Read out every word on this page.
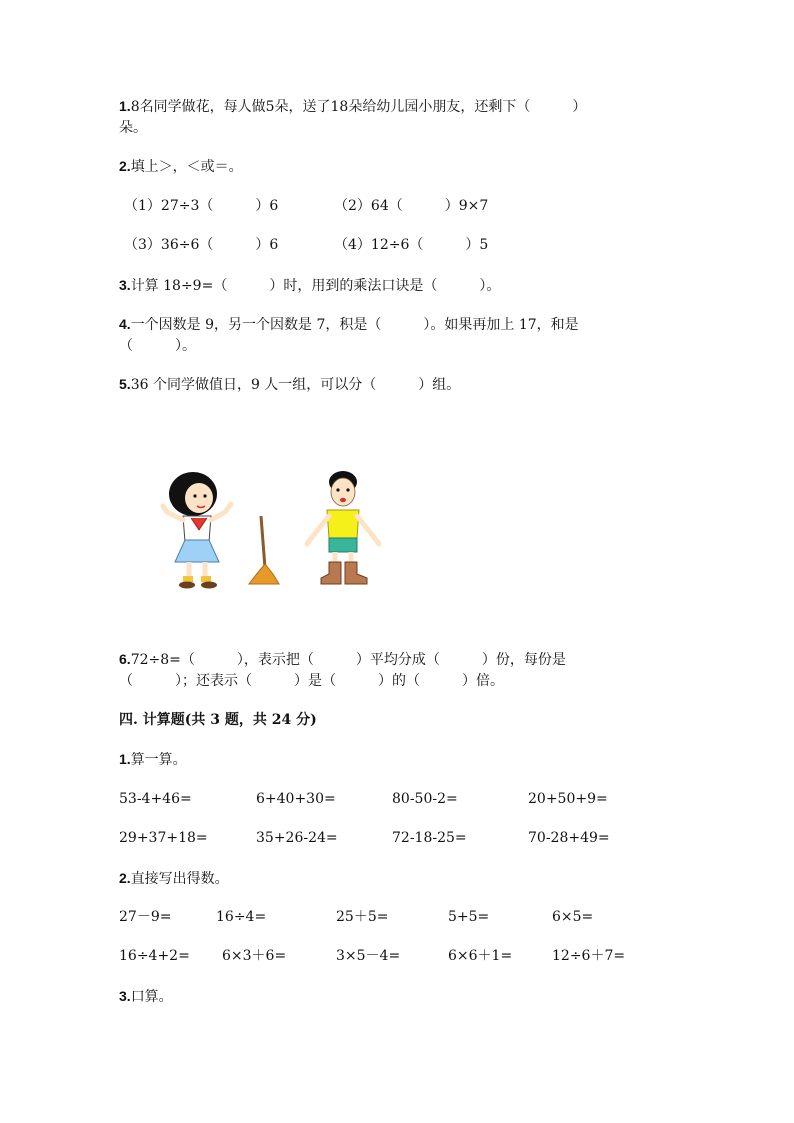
1.8名同学做花，每人做5朵，送了18朵给幼儿园小朋友，还剩下（　　　）
朵。
2.填上＞，＜或＝。
（1）27÷3（　　　）6	（2）64（　　　）9×7
（3）36÷6（　　　）6	（4）12÷6（　　　）5
3.计算 18÷9=（　　　）时，用到的乘法口诀是（　　　）。
4.一个因数是 9，另一个因数是 7，积是（　　　）。如果再加上 17，和是
（　　　）。
5.36 个同学做值日，9 人一组，可以分（　　　）组。
6.72÷8=（　　　），表示把（　　　）平均分成（　　　）份，每份是
（　　　）；还表示（　　　）是（　　　）的（　　　）倍。
四. 计算题(共 3 题，共 24 分)
1.算一算。
53-4+46=	6+40+30=	80-50-2=	20+50+9=
29+37+18=	35+26-24=	72-18-25=	70-28+49=
2.直接写出得数。
27－9=	16÷4=	25＋5=	5+5=	6×5=
16÷4+2= 6×3＋6=	3×5－4=	6×6＋1=	12÷6＋7=
3.口算。
